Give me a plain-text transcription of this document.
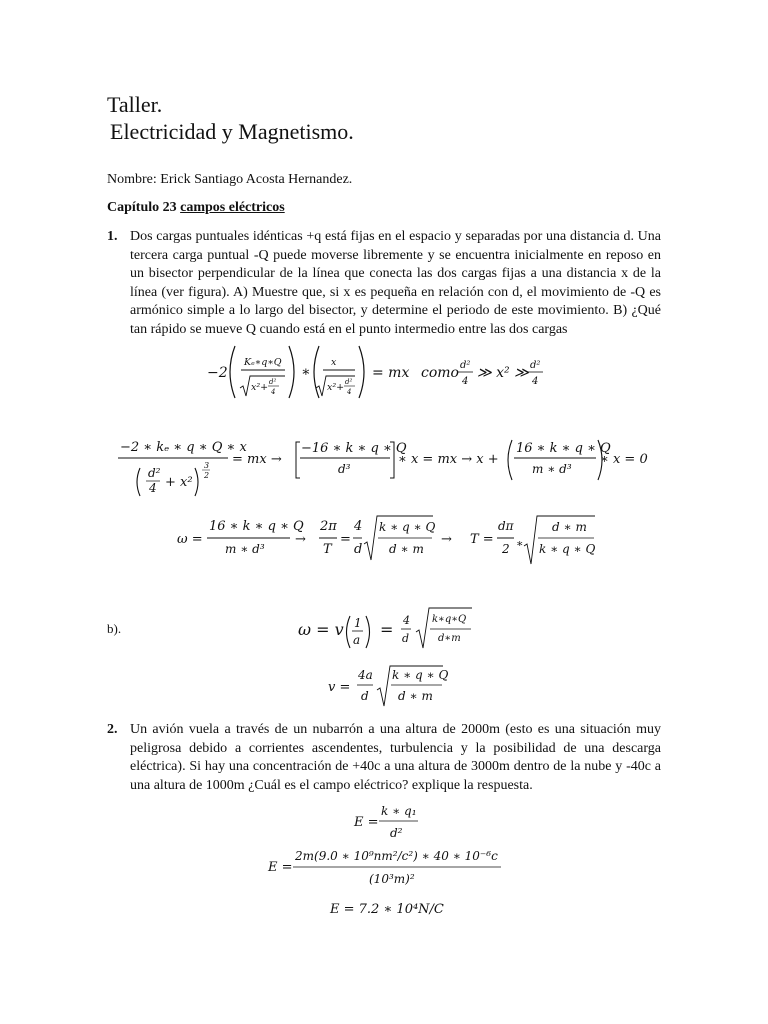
Taller.
Electricidad y Magnetismo.
Nombre: Erick Santiago Acosta Hernandez.
Capítulo 23 campos eléctricos
1. Dos cargas puntuales idénticas +q está fijas en el espacio y separadas por una distancia d. Una tercera carga puntual -Q puede moverse libremente y se encuentra inicialmente en reposo en un bisector perpendicular de la línea que conecta las dos cargas fijas a una distancia x de la línea (ver figura). A) Muestre que, si x es pequeña en relación con d, el movimiento de -Q es armónico simple a lo largo del bisector, y determine el periodo de este movimiento. B) ¿Qué tan rápido se mueve Q cuando está en el punto intermedio entre las dos cargas
−2
Kₑ∗q∗Q
x²+ d²
4
∗
x
x²+ d²
4
= mx como d²
4
≫ x² ≫ d²
4
−2 ∗ kₑ ∗ q ∗ Q ∗ x
d²
4 + x²
3
2
= mx →
−16 ∗ k ∗ q ∗ Q
d³
∗ x = mx → x +
16 ∗ k ∗ q ∗ Q
m ∗ d³
∗ x = 0
ω =
16 ∗ k ∗ q ∗ Q
m ∗ d³
→
2π
T
=
4
d
k ∗ q ∗ Q
d ∗ m
→ T =
dπ
2 ∗
d ∗ m
k ∗ q ∗ Q
b).	ω = v 1
a
= 4
d
k∗q∗Q
d∗m
v =
4a
d
k ∗ q ∗ Q
d ∗ m
2. Un avión vuela a través de un nubarrón a una altura de 2000m (esto es una situación muy peligrosa debido a corrientes ascendentes, turbulencia y la posibilidad de una descarga eléctrica). Si hay una concentración de +40c a una altura de 3000m dentro de la nube y -40c a una altura de 1000m ¿Cuál es el campo eléctrico? explique la respuesta.
E =
k ∗ q₁
d²
E =
2m(9.0 ∗ 10⁹nm²/c²) ∗ 40 ∗ 10⁻⁶c
(10³m)²
E = 7.2 ∗ 10⁴N/C
